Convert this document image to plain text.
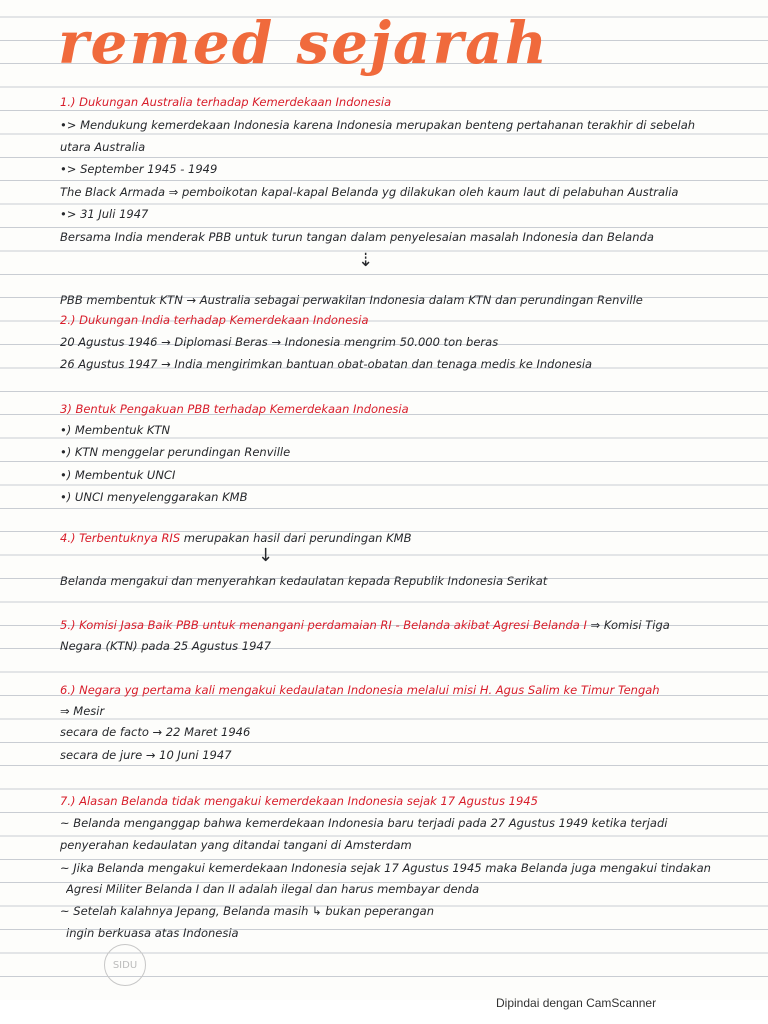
remed sejarah
1.) Dukungan Australia terhadap Kemerdekaan Indonesia
•> Mendukung kemerdekaan Indonesia karena Indonesia merupakan benteng pertahanan terakhir di sebelah
utara Australia
•> September 1945 - 1949
The Black Armada ⇒ pemboikotan kapal-kapal Belanda yg dilakukan oleh kaum laut di pelabuhan Australia
•> 31 Juli 1947
Bersama India menderak PBB untuk turun tangan dalam penyelesaian masalah Indonesia dan Belanda
⇣
PBB membentuk KTN → Australia sebagai perwakilan Indonesia dalam KTN dan perundingan Renville
2.) Dukungan India terhadap Kemerdekaan Indonesia
20 Agustus 1946 → Diplomasi Beras → Indonesia mengrim 50.000 ton beras
26 Agustus 1947 → India mengirimkan bantuan obat-obatan dan tenaga medis ke Indonesia
3) Bentuk Pengakuan PBB terhadap Kemerdekaan Indonesia
•) Membentuk KTN
•) KTN menggelar perundingan Renville
•) Membentuk UNCI
•) UNCI menyelenggarakan KMB
4.) Terbentuknya RIS merupakan hasil dari perundingan KMB
↓
Belanda mengakui dan menyerahkan kedaulatan kepada Republik Indonesia Serikat
5.) Komisi Jasa Baik PBB untuk menangani perdamaian RI - Belanda akibat Agresi Belanda I ⇒ Komisi Tiga
Negara (KTN) pada 25 Agustus 1947
6.) Negara yg pertama kali mengakui kedaulatan Indonesia melalui misi H. Agus Salim ke Timur Tengah
⇒ Mesir
secara de facto → 22 Maret 1946
secara de jure → 10 Juni 1947
7.) Alasan Belanda tidak mengakui kemerdekaan Indonesia sejak 17 Agustus 1945
~ Belanda menganggap bahwa kemerdekaan Indonesia baru terjadi pada 27 Agustus 1949 ketika terjadi
penyerahan kedaulatan yang ditandai tangani di Amsterdam
~ Jika Belanda mengakui kemerdekaan Indonesia sejak 17 Agustus 1945 maka Belanda juga mengakui tindakan
Agresi Militer Belanda I dan II adalah ilegal dan harus membayar denda
~ Setelah kalahnya Jepang, Belanda masih ↳ bukan peperangan
ingin berkuasa atas Indonesia
SIDU
Dipindai dengan CamScanner
